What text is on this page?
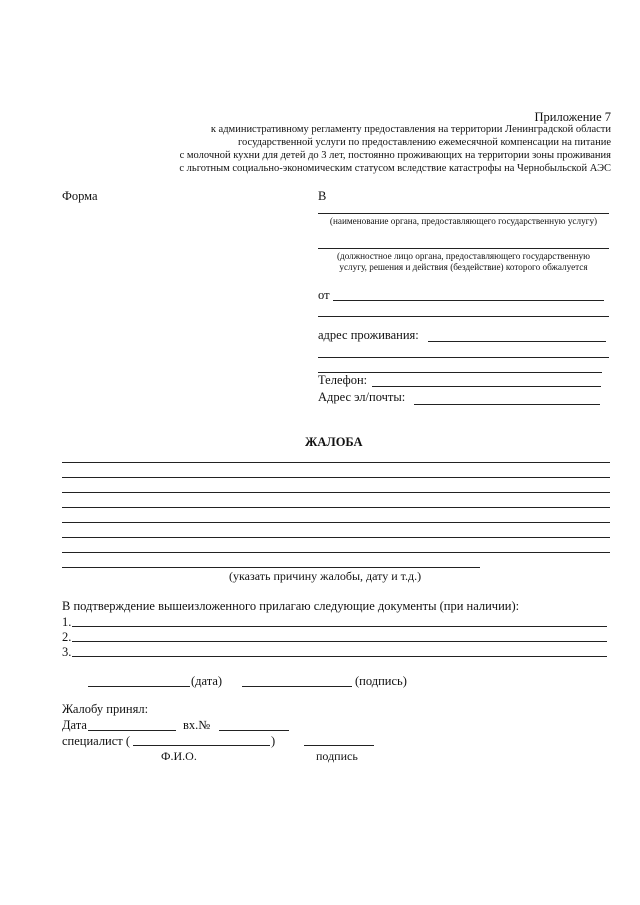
Приложение 7
к административному регламенту предоставления на территории Ленинградской области
государственной услуги по предоставлению ежемесячной компенсации на питание
с молочной кухни для детей до 3 лет, постоянно проживающих на территории зоны проживания
с льготным социально-экономическим статусом вследствие катастрофы на Чернобыльской АЭС
Форма	В
(наименование органа, предоставляющего государственную услугу)
(должностное лицо органа, предоставляющего государственную
услугу, решения и действия (бездействие) которого обжалуется
от
адрес проживания:
Телефон:
Адрес эл/почты:
ЖАЛОБА
(указать причину жалобы, дату и т.д.)
В подтверждение вышеизложенного прилагаю следующие документы (при наличии):
1.
2.
3.
(дата)	(подпись)
Жалобу принял:
Дата	вх.№
специалист (	)
Ф.И.О.	подпись
